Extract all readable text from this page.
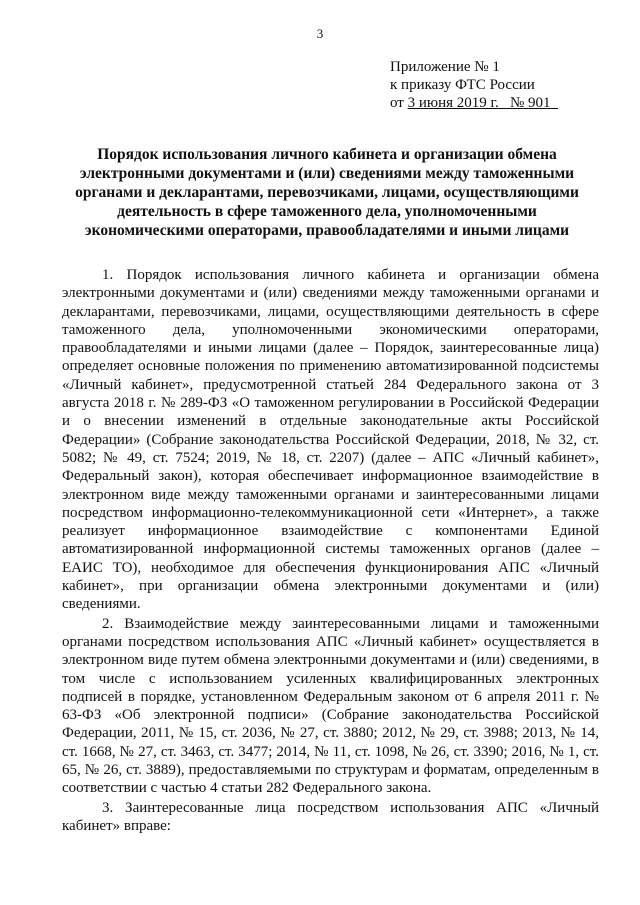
3
Приложение № 1
к приказу ФТС России
от 3 июня 2019 г. № 901
Порядок использования личного кабинета и организации обмена электронными документами и (или) сведениями между таможенными органами и декларантами, перевозчиками, лицами, осуществляющими деятельность в сфере таможенного дела, уполномоченными экономическими операторами, правообладателями и иными лицами

1. Порядок использования личного кабинета и организации обмена электронными документами и (или) сведениями между таможенными органами и декларантами, перевозчиками, лицами, осуществляющими деятельность в сфере таможенного дела, уполномоченными экономическими операторами, правообладателями и иными лицами (далее – Порядок, заинтересованные лица) определяет основные положения по применению автоматизированной подсистемы «Личный кабинет», предусмотренной статьей 284 Федерального закона от 3 августа 2018 г. № 289-ФЗ «О таможенном регулировании в Российской Федерации и о внесении изменений в отдельные законодательные акты Российской Федерации» (Собрание законодательства Российской Федерации, 2018, № 32, ст. 5082; № 49, ст. 7524; 2019, № 18, ст. 2207) (далее – АПС «Личный кабинет», Федеральный закон), которая обеспечивает информационное взаимодействие в электронном виде между таможенными органами и заинтересованными лицами посредством информационно-телекоммуникационной сети «Интернет», а также реализует информационное взаимодействие с компонентами Единой автоматизированной информационной системы таможенных органов (далее – ЕАИС ТО), необходимое для обеспечения функционирования АПС «Личный кабинет», при организации обмена электронными документами и (или) сведениями.

2. Взаимодействие между заинтересованными лицами и таможенными органами посредством использования АПС «Личный кабинет» осуществляется в электронном виде путем обмена электронными документами и (или) сведениями, в том числе с использованием усиленных квалифицированных электронных подписей в порядке, установленном Федеральным законом от 6 апреля 2011 г. № 63-ФЗ «Об электронной подписи» (Собрание законодательства Российской Федерации, 2011, № 15, ст. 2036, № 27, ст. 3880; 2012, № 29, ст. 3988; 2013, № 14, ст. 1668, № 27, ст. 3463, ст. 3477; 2014, № 11, ст. 1098, № 26, ст. 3390; 2016, № 1, ст. 65, № 26, ст. 3889), предоставляемыми по структурам и форматам, определенным в соответствии с частью 4 статьи 282 Федерального закона.

3. Заинтересованные лица посредством использования АПС «Личный кабинет» вправе:
